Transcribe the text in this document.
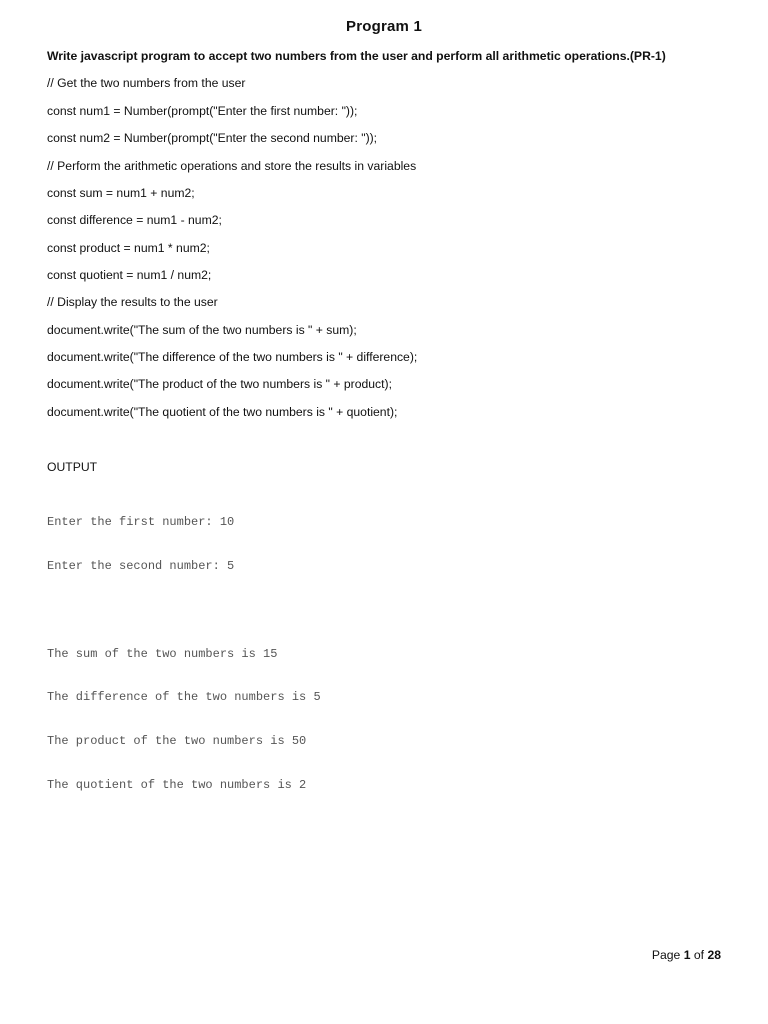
Program 1
Write javascript program to accept two numbers from the user and perform all arithmetic operations.(PR-1)
// Get the two numbers from the user
const num1 = Number(prompt("Enter the first number: "));
const num2 = Number(prompt("Enter the second number: "));
// Perform the arithmetic operations and store the results in variables
const sum = num1 + num2;
const difference = num1 - num2;
const product = num1 * num2;
const quotient = num1 / num2;
// Display the results to the user
document.write("The sum of the two numbers is " + sum);
document.write("The difference of the two numbers is " + difference);
document.write("The product of the two numbers is " + product);
document.write("The quotient of the two numbers is " + quotient);
OUTPUT

Enter the first number: 10

Enter the second number: 5

The sum of the two numbers is 15

The difference of the two numbers is 5

The product of the two numbers is 50

The quotient of the two numbers is 2

Page 1 of 28
